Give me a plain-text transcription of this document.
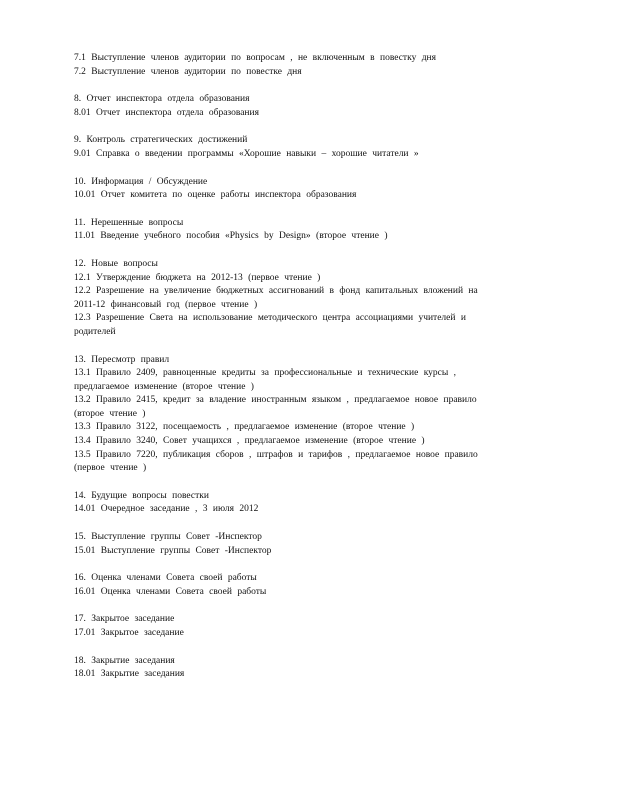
7.1 Выступление членов аудитории по вопросам , не включенным в повестку дня
7.2 Выступление членов аудитории по повестке дня
8. Отчет инспектора отдела образования
8.01 Отчет инспектора отдела образования
9. Контроль стратегических достижений
9.01 Справка о введении программы «Хорошие навыки – хорошие читатели »
10. Информация / Обсуждение
10.01 Отчет комитета по оценке работы инспектора образования
11. Нерешенные вопросы
11.01 Введение учебного пособия «Physics by Design» (второе чтение )
12. Новые вопросы
12.1 Утверждение бюджета на 2012-13 (первое чтение )
12.2 Разрешение на увеличение бюджетных ассигнований в фонд капитальных вложений на
2011-12 финансовый год (первое чтение )
12.3 Разрешение Света на использование методического центра ассоциациями учителей и
родителей
13. Пересмотр правил
13.1 Правило 2409, равноценные кредиты за профессиональные и технические курсы ,
предлагаемое изменение (второе чтение )
13.2 Правило 2415, кредит за владение иностранным языком , предлагаемое новое правило
(второе чтение )
13.3 Правило 3122, посещаемость , предлагаемое изменение (второе чтение )
13.4 Правило 3240, Совет учащихся , предлагаемое изменение (второе чтение )
13.5 Правило 7220, публикация сборов , штрафов и тарифов , предлагаемое новое правило
(первое чтение )
14. Будущие вопросы повестки
14.01 Очередное заседание , 3 июля 2012
15. Выступление группы Совет -Инспектор
15.01 Выступление группы Совет -Инспектор
16. Оценка членами Совета своей работы
16.01 Оценка членами Совета своей работы
17. Закрытое заседание
17.01 Закрытое заседание
18. Закрытие заседания
18.01 Закрытие заседания
